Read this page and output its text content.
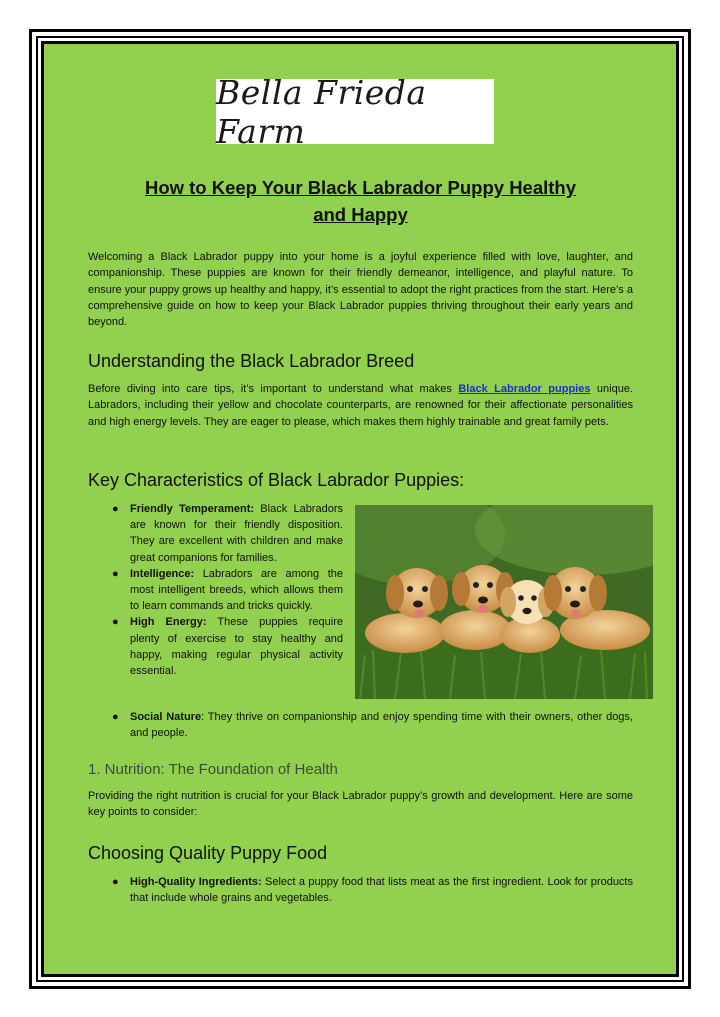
Bella Frieda Farm
How to Keep Your Black Labrador Puppy Healthy
and Happy

Welcoming a Black Labrador puppy into your home is a joyful experience filled with love, laughter, and companionship. These puppies are known for their friendly demeanor, intelligence, and playful nature. To ensure your puppy grows up healthy and happy, it’s essential to adopt the right practices from the start. Here’s a comprehensive guide on how to keep your Black Labrador puppies thriving throughout their early years and beyond.

Understanding the Black Labrador Breed

Before diving into care tips, it’s important to understand what makes Black Labrador puppies unique. Labradors, including their yellow and chocolate counterparts, are renowned for their affectionate personalities and high energy levels. They are eager to please, which makes them highly trainable and great family pets.

Key Characteristics of Black Labrador Puppies:
● Friendly Temperament: Black Labradors are known for their friendly disposition. They are excellent with children and make great companions for families.
● Intelligence: Labradors are among the most intelligent breeds, which allows them to learn commands and tricks quickly.
● High Energy: These puppies require plenty of exercise to stay healthy and happy, making regular physical activity essential.
● Social Nature: They thrive on companionship and enjoy spending time with their owners, other dogs, and people.
1. Nutrition: The Foundation of Health

Providing the right nutrition is crucial for your Black Labrador puppy’s growth and development. Here are some key points to consider:

Choosing Quality Puppy Food
● High-Quality Ingredients: Select a puppy food that lists meat as the first ingredient. Look for products that include whole grains and vegetables.
